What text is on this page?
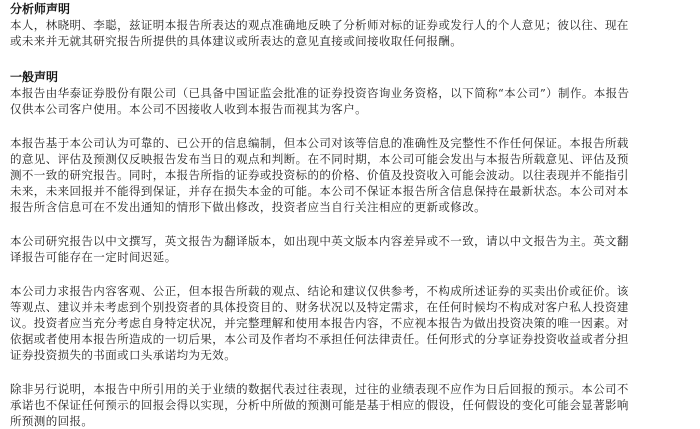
分析师声明
本人，林晓明、李聪，兹证明本报告所表达的观点准确地反映了分析师对标的证券或发行人的个人意见；彼以往、现在
或未来并无就其研究报告所提供的具体建议或所表达的意见直接或间接收取任何报酬。
一般声明
本报告由华泰证券股份有限公司（已具备中国证监会批准的证券投资咨询业务资格，以下简称“本公司”）制作。本报告
仅供本公司客户使用。本公司不因接收人收到本报告而视其为客户。
本报告基于本公司认为可靠的、已公开的信息编制，但本公司对该等信息的准确性及完整性不作任何保证。本报告所载
的意见、评估及预测仅反映报告发布当日的观点和判断。在不同时期，本公司可能会发出与本报告所载意见、评估及预
测不一致的研究报告。同时，本报告所指的证券或投资标的的价格、价值及投资收入可能会波动。以往表现并不能指引
未来，未来回报并不能得到保证，并存在损失本金的可能。本公司不保证本报告所含信息保持在最新状态。本公司对本
报告所含信息可在不发出通知的情形下做出修改，投资者应当自行关注相应的更新或修改。
本公司研究报告以中文撰写，英文报告为翻译版本，如出现中英文版本内容差异或不一致，请以中文报告为主。英文翻
译报告可能存在一定时间迟延。
本公司力求报告内容客观、公正，但本报告所载的观点、结论和建议仅供参考，不构成所述证券的买卖出价或征价。该
等观点、建议并未考虑到个别投资者的具体投资目的、财务状况以及特定需求，在任何时候均不构成对客户私人投资建
议。投资者应当充分考虑自身特定状况，并完整理解和使用本报告内容，不应视本报告为做出投资决策的唯一因素。对
依据或者使用本报告所造成的一切后果，本公司及作者均不承担任何法律责任。任何形式的分享证券投资收益或者分担
证券投资损失的书面或口头承诺均为无效。
除非另行说明，本报告中所引用的关于业绩的数据代表过往表现，过往的业绩表现不应作为日后回报的预示。本公司不
承诺也不保证任何预示的回报会得以实现，分析中所做的预测可能是基于相应的假设，任何假设的变化可能会显著影响
所预测的回报。
